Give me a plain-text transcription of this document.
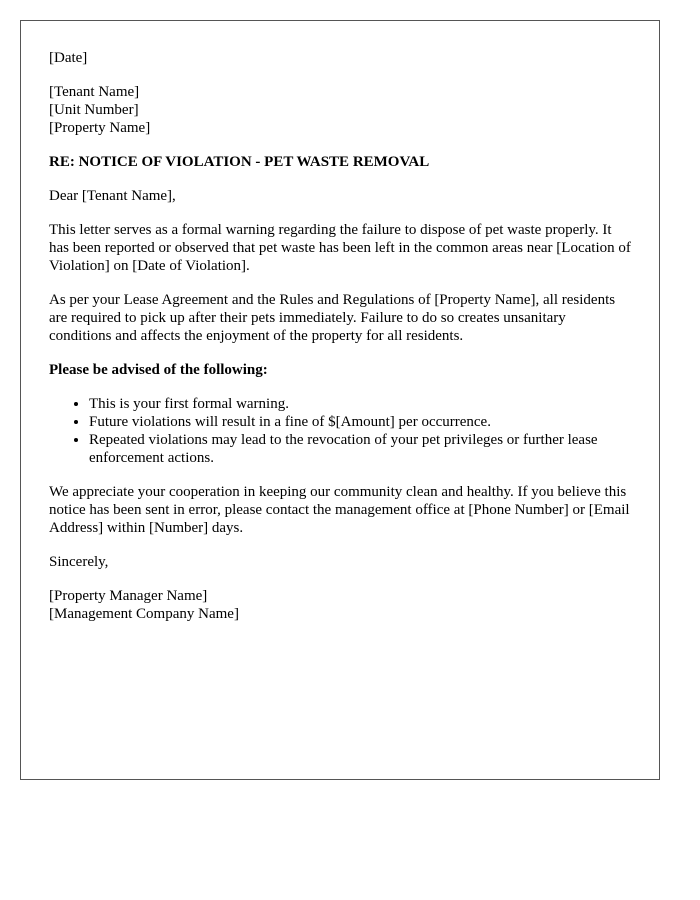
[Date]

[Tenant Name]
[Unit Number]
[Property Name]

RE: NOTICE OF VIOLATION - PET WASTE REMOVAL

Dear [Tenant Name],

This letter serves as a formal warning regarding the failure to dispose of pet waste properly. It has been reported or observed that pet waste has been left in the common areas near [Location of Violation] on [Date of Violation].

As per your Lease Agreement and the Rules and Regulations of [Property Name], all residents are required to pick up after their pets immediately. Failure to do so creates unsanitary conditions and affects the enjoyment of the property for all residents.

Please be advised of the following:

• This is your first formal warning.
• Future violations will result in a fine of $[Amount] per occurrence.
• Repeated violations may lead to the revocation of your pet privileges or further lease enforcement actions.

We appreciate your cooperation in keeping our community clean and healthy. If you believe this notice has been sent in error, please contact the management office at [Phone Number] or [Email Address] within [Number] days.

Sincerely,

[Property Manager Name]
[Management Company Name]
